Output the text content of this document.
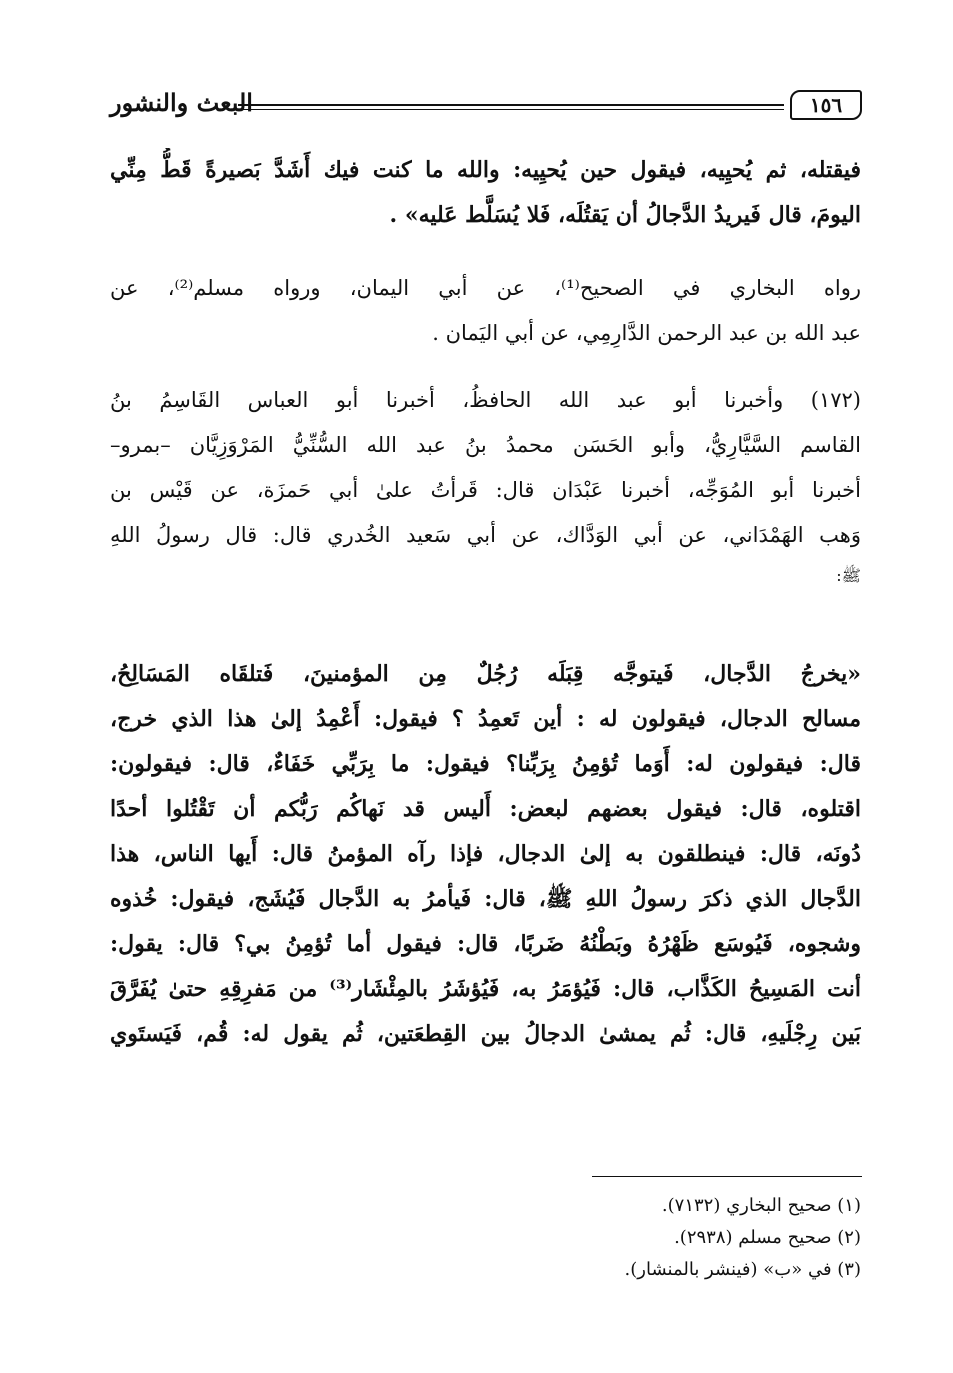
١٥٦
البعث والنشور
فيقتله، ثم يُحيِيه، فيقول حين يُحيِيه: والله ما كنت فيك أَشَدَّ بَصيرةً قَطُّ مِنِّي
اليومَ، قال فَيريدُ الدَّجالُ أن يَقتُلَه، فَلا يُسَلَّط عَليه» .
رواه البخاري في الصحيح⁽¹⁾، عن أبي اليمان، ورواه مسلم⁽²⁾، عن
عبد الله بن عبد الرحمن الدَّارِمِي، عن أبي اليَمان .
(١٧٢) وأخبرنا أبو عبد الله الحافظُ، أخبرنا أبو العباس القَاسِمُ بنُ
القاسم السَّيَّارِيُّ، وأبو الحَسَن محمدُ بنُ عبد الله السُّنِّيُّ المَرْوَزِيَّان –بمرو–
أخبرنا أبو المُوَجِّه، أخبرنا عَبْدَان قال: قَرأتُ علىٰ أبي حَمزَة، عن قَيْس بن
وَهب الهَمْدَاني، عن أبي الوَدَّاك، عن أبي سَعيد الخُدري قال: قال رسولُ اللهِ
ﷺ:
«يخرجُ الدَّجال، فَيتوجَّه قِبَلَه رُجُلٌ مِن المؤمنينَ، فَتلقَاه المَسَالِحُ،
مسالح الدجال، فيقولون له : أين تَعمِدُ ؟ فيقول: أَعْمِدُ إلىٰ هذا الذي خرج،
قال: فيقولون له: أَوَما تُؤمِنُ بِرَبِّنا؟ فيقول: ما بِرَبِّي خَفَاءٌ، قال: فيقولون:
اقتلوه، قال: فيقول بعضهم لبعض: أَليس قد نَهاكُم رَبُّكم أن تَقْتُلوا أحدًا
دُونَه، قال: فينطلقون به إلىٰ الدجال، فإذا رآه المؤمنُ قال: أَيها الناس، هذا
الدَّجال الذي ذكرَ رسولُ اللهِ ﷺ، قال: فَيأمرُ به الدَّجال فَيُشَج، فيقول: خُذوه
وشجوه، فَيُوسَع ظَهْرُهُ وبَطْنُهُ ضَربًا، قال: فيقول أما تُؤمِنُ بي؟ قال: يقول:
أنت المَسِيحُ الكَذَّاب، قال: فَيُؤمَرُ به، فَيُؤشَرُ بالمِئْشَار⁽³⁾ من مَفرِقِهِ حتىٰ يُفَرَّقَ
بَين رِجْلَيهِ، قال: ثُم يمشىٰ الدجالُ بين القِطعَتين، ثُم يقول له: قُم، فَيَستَوي
(١) صحيح البخاري (٧١٣٢).
(٢) صحيح مسلم (٢٩٣٨).
(٣) في «ب» (فينشر بالمنشار).
